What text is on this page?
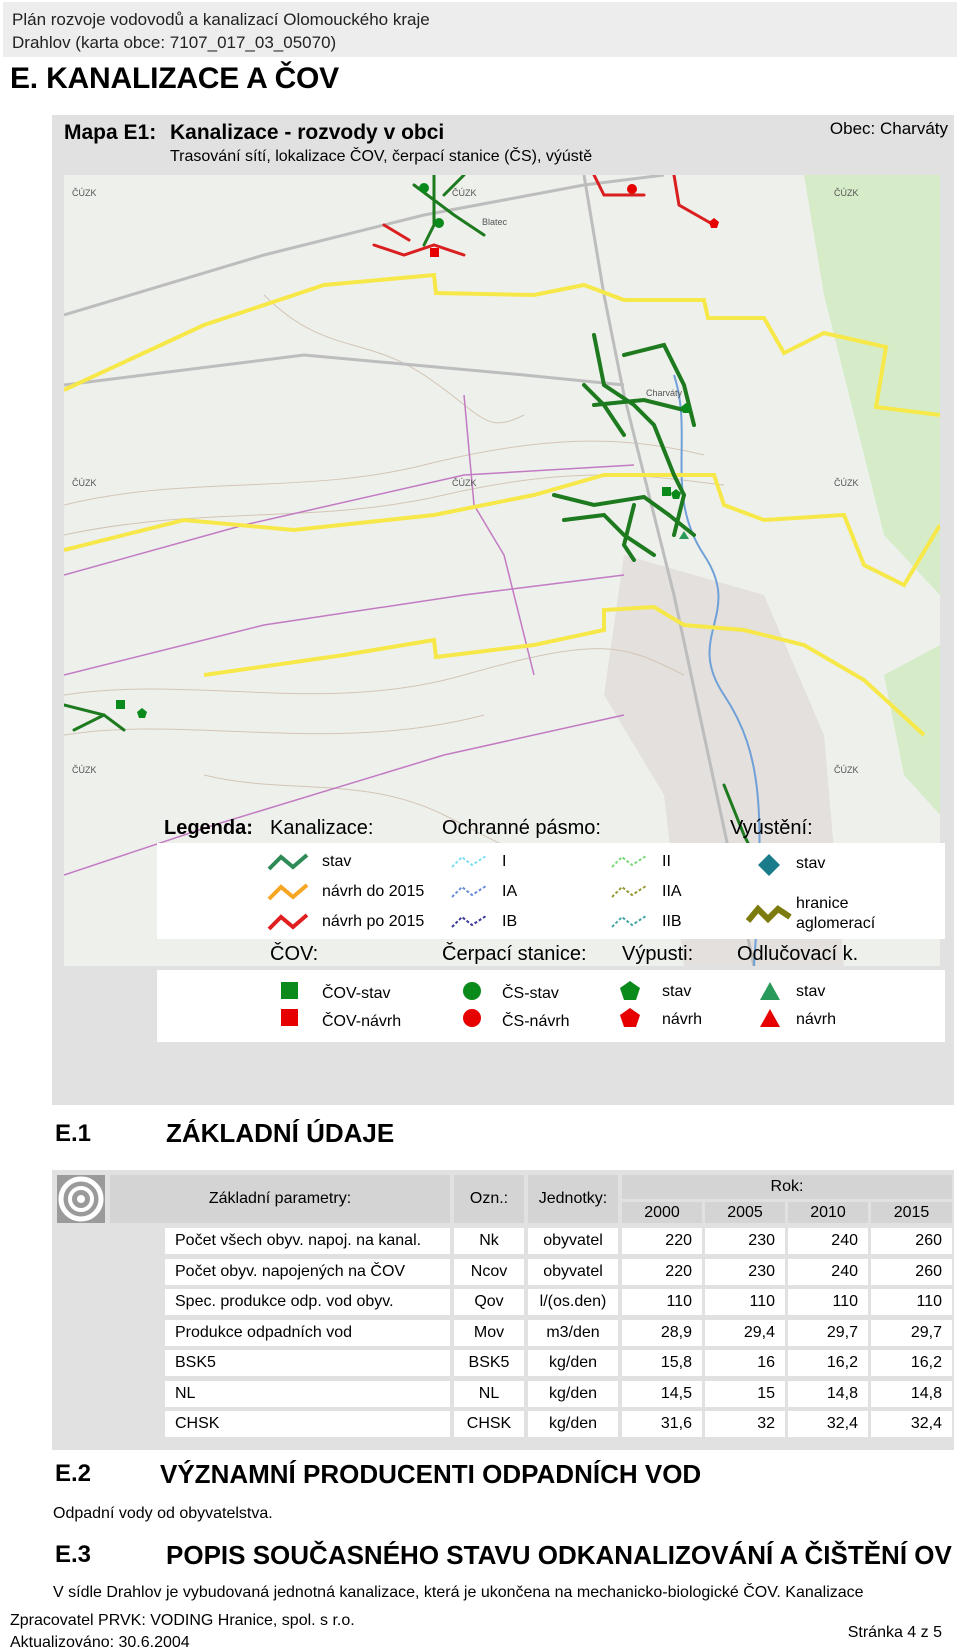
Plán rozvoje vodovodů a kanalizací Olomouckého kraje
Drahlov (karta obce: 7107_017_03_05070)
E. KANALIZACE A ČOV
Mapa E1: Kanalizace - rozvody v obci
Trasování sítí, lokalizace ČOV, čerpací stanice (ČS), výústě
Obec: Charváty
ČÚZK	ČÚZK	ČÚZK
ČÚZK	ČÚZK	ČÚZK
ČÚZK	ČÚZK
Blatec
Charváty
Legenda: Kanalizace:	Ochranné pásmo:	Vyústění:
stav
návrh do 2015
návrh po 2015
I
IA
IB
II
IIA
IIB
stav
hranice
aglomerací
ČOV:	Čerpací stanice: Výpusti: Odlučovací k.
ČOV-stav
ČOV-návrh
ČS-stav
ČS-návrh
stav
návrh
stav
návrh
E.1	ZÁKLADNÍ ÚDAJE
Základní parametry:	Ozn.:	Jednotky:
Rok:
2000	2005	2010	2015
Počet všech obyv. napoj. na kanal.	Nk	obyvatel	220	230	240	260
Počet obyv. napojených na ČOV	Ncov	obyvatel	220	230	240	260
Spec. produkce odp. vod obyv.	Qov	l/(os.den)	110	110	110	110
Produkce odpadních vod	Mov	m3/den	28,9	29,4	29,7	29,7
BSK5	BSK5	kg/den	15,8	16	16,2	16,2
NL	NL	kg/den	14,5	15	14,8	14,8
CHSK	CHSK	kg/den	31,6	32	32,4	32,4
E.2	VÝZNAMNÍ PRODUCENTI ODPADNÍCH VOD
Odpadní vody od obyvatelstva.
E.3	POPIS SOUČASNÉHO STAVU ODKANALIZOVÁNÍ A ČIŠTĚNÍ OV
V sídle Drahlov je vybudovaná jednotná kanalizace, která je ukončena na mechanicko-biologické ČOV. Kanalizace
Zpracovatel PRVK: VODING Hranice, spol. s r.o.
Aktualizováno: 30.6.2004
Stránka 4 z 5
